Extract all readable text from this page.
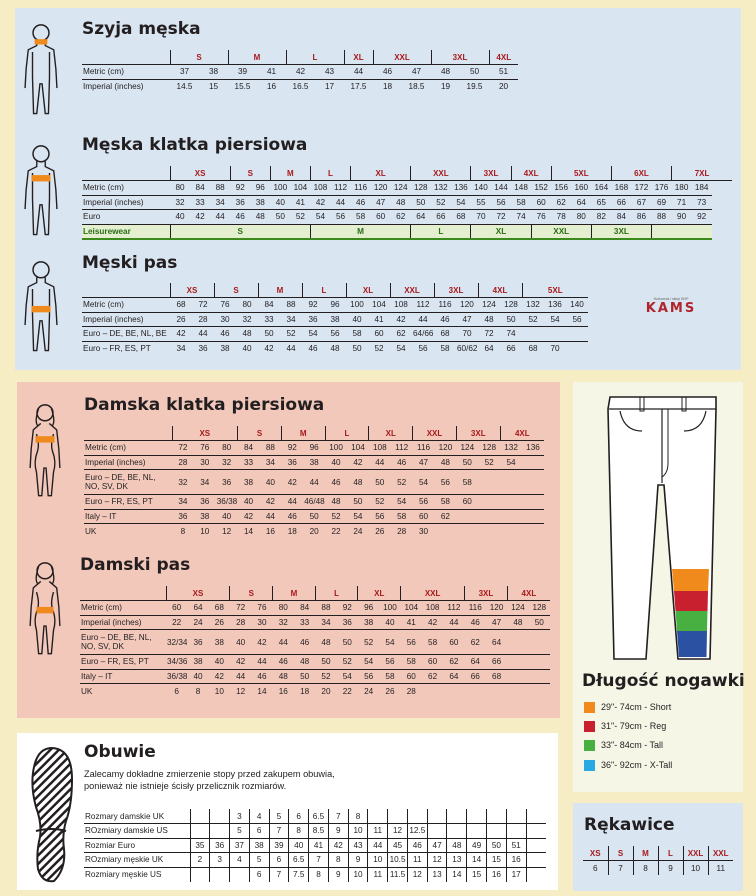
Hurtownia i sklep BHP
KAMS
Szyja męska
Męska klatka piersiowa
Męski pas
Damska klatka piersiowa
Damski pas
Długość nogawki
Obuwie
Rękawice
29"- 74cm - Short
31"- 79cm - Reg
33"- 84cm - Tall
36"- 92cm - X-Tall
Zalecamy dokładne zmierzenie stopy przed zakupem obuwia, ponieważ nie istnieje ścisły przelicznik rozmiarów.
	S		M		L		XL	XXL		3XL		4XL
Metric (cm)	37	38	39	41	42	43	44	46	47	48	50	51
Imperial (inches)	14.5	15	15.5	16	16.5	17	17.5	18	18.5	19	19.5	20
	XS			S		M		L		XL			XXL			3XL		4XL		5XL			6XL			7XL	
Metric (cm)	80	84	88	92	96	100	104	108	112	116	120	124	128	132	136	140	144	148	152	156	160	164	168	172	176	180	184
Imperial (inches)	32	33	34	36	38	40	41	42	44	46	47	48	50	52	54	55	56	58	60	62	64	65	66	67	69	71	73
Euro	40	42	44	46	48	50	52	54	56	58	60	62	64	66	68	70	72	74	76	78	80	82	84	86	88	90	92
Leisurewear	S							M					L			XL			XXL			3XL					
	XS		S		M		L		XL		XXL		3XL		4XL		5XL		
Metric (cm)	68	72	76	80	84	88	92	96	100	104	108	112	116	120	124	128	132	136	140
Imperial (inches)	26	28	30	32	33	34	36	38	40	41	42	44	46	47	48	50	52	54	56
Euro – DE, BE, NL, BE	42	44	46	48	50	52	54	56	58	60	62	64/66	68	70	72	74			
Euro – FR, ES, PT	34	36	38	40	42	44	46	48	50	52	54	56	58	60/62	64	66	68	70	
	XS			S		M		L		XL		XXL		3XL		4XL	
Metric (cm)	72	76	80	84	88	92	96	100	104	108	112	116	120	124	128	132	136
Imperial (inches)	28	30	32	33	34	36	38	40	42	44	46	47	48	50	52	54	
Euro – DE, BE, NL, NO, SV, DK	32	34	36	38	40	42	44	46	48	50	52	54	56	58			
Euro – FR, ES, PT	34	36	36/38	40	42	44	46/48	48	50	52	54	56	58	60			
Italy – IT	36	38	40	42	44	46	50	52	54	56	58	60	62				
UK	8	10	12	14	16	18	20	22	24	26	28	30					
	XS			S		M		L		XL		XXL			3XL		4XL	
Metric (cm)	60	64	68	72	76	80	84	88	92	96	100	104	108	112	116	120	124	128
Imperial (inches)	22	24	26	28	30	32	33	34	36	38	40	41	42	44	46	47	48	50
Euro – DE, BE, NL, NO, SV, DK	32/34	36	38	40	42	44	46	48	50	52	54	56	58	60	62	64		
Euro – FR, ES, PT	34/36	38	40	42	44	46	48	50	52	54	56	58	60	62	64	66		
Italy – IT	36/38	40	42	44	46	48	50	52	54	56	58	60	62	64	66	68		
UK	6	8	10	12	14	16	18	20	22	24	26	28						
Rozmary damskie UK			3	4	5	6	6.5	7	8									
ROzmiary damskie US			5	6	7	8	8.5	9	10	11	12	12.5						
Rozmiar Euro	35	36	37	38	39	40	41	42	43	44	45	46	47	48	49	50	51	
ROzmiary męskie UK	2	3	4	5	6	6.5	7	8	9	10	10.5	11	12	13	14	15	16	
Rozmiary męskie US				6	7	7.5	8	9	10	11	11.5	12	13	14	15	16	17	
XS	S	M	L	XXL	XXL
6	7	8	9	10	11
